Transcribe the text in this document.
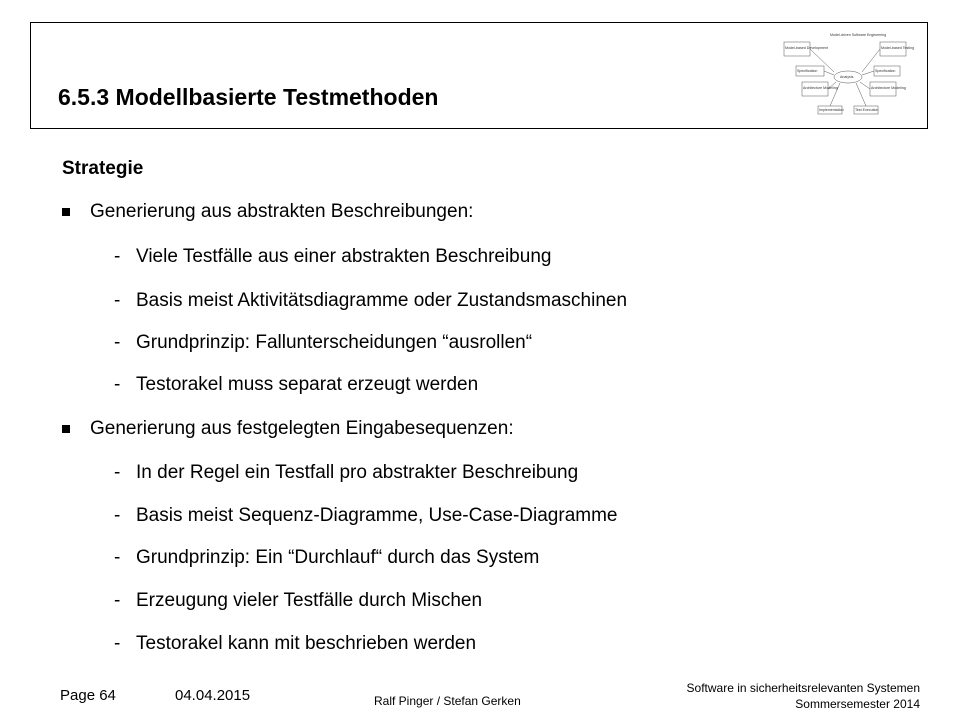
6.5.3 Modellbasierte Testmethoden
Model-driven Software Engineering
Model-based Development	Model-based Testing
Specification	Specification
Analysis
Architecture Modeling	Architecture Modeling
Implementation	Test Execution
Strategie
Generierung aus abstrakten Beschreibungen:
- Viele Testfälle aus einer abstrakten Beschreibung
- Basis meist Aktivitätsdiagramme oder Zustandsmaschinen
- Grundprinzip: Fallunterscheidungen “ausrollen“
- Testorakel muss separat erzeugt werden
Generierung aus festgelegten Eingabesequenzen:
- In der Regel ein Testfall pro abstrakter Beschreibung
- Basis meist Sequenz-Diagramme, Use-Case-Diagramme
- Grundprinzip: Ein “Durchlauf“ durch das System
- Erzeugung vieler Testfälle durch Mischen
- Testorakel kann mit beschrieben werden
Page 64	04.04.2015	Ralf Pinger / Stefan Gerken
Software in sicherheitsrelevanten Systemen
Sommersemester 2014
